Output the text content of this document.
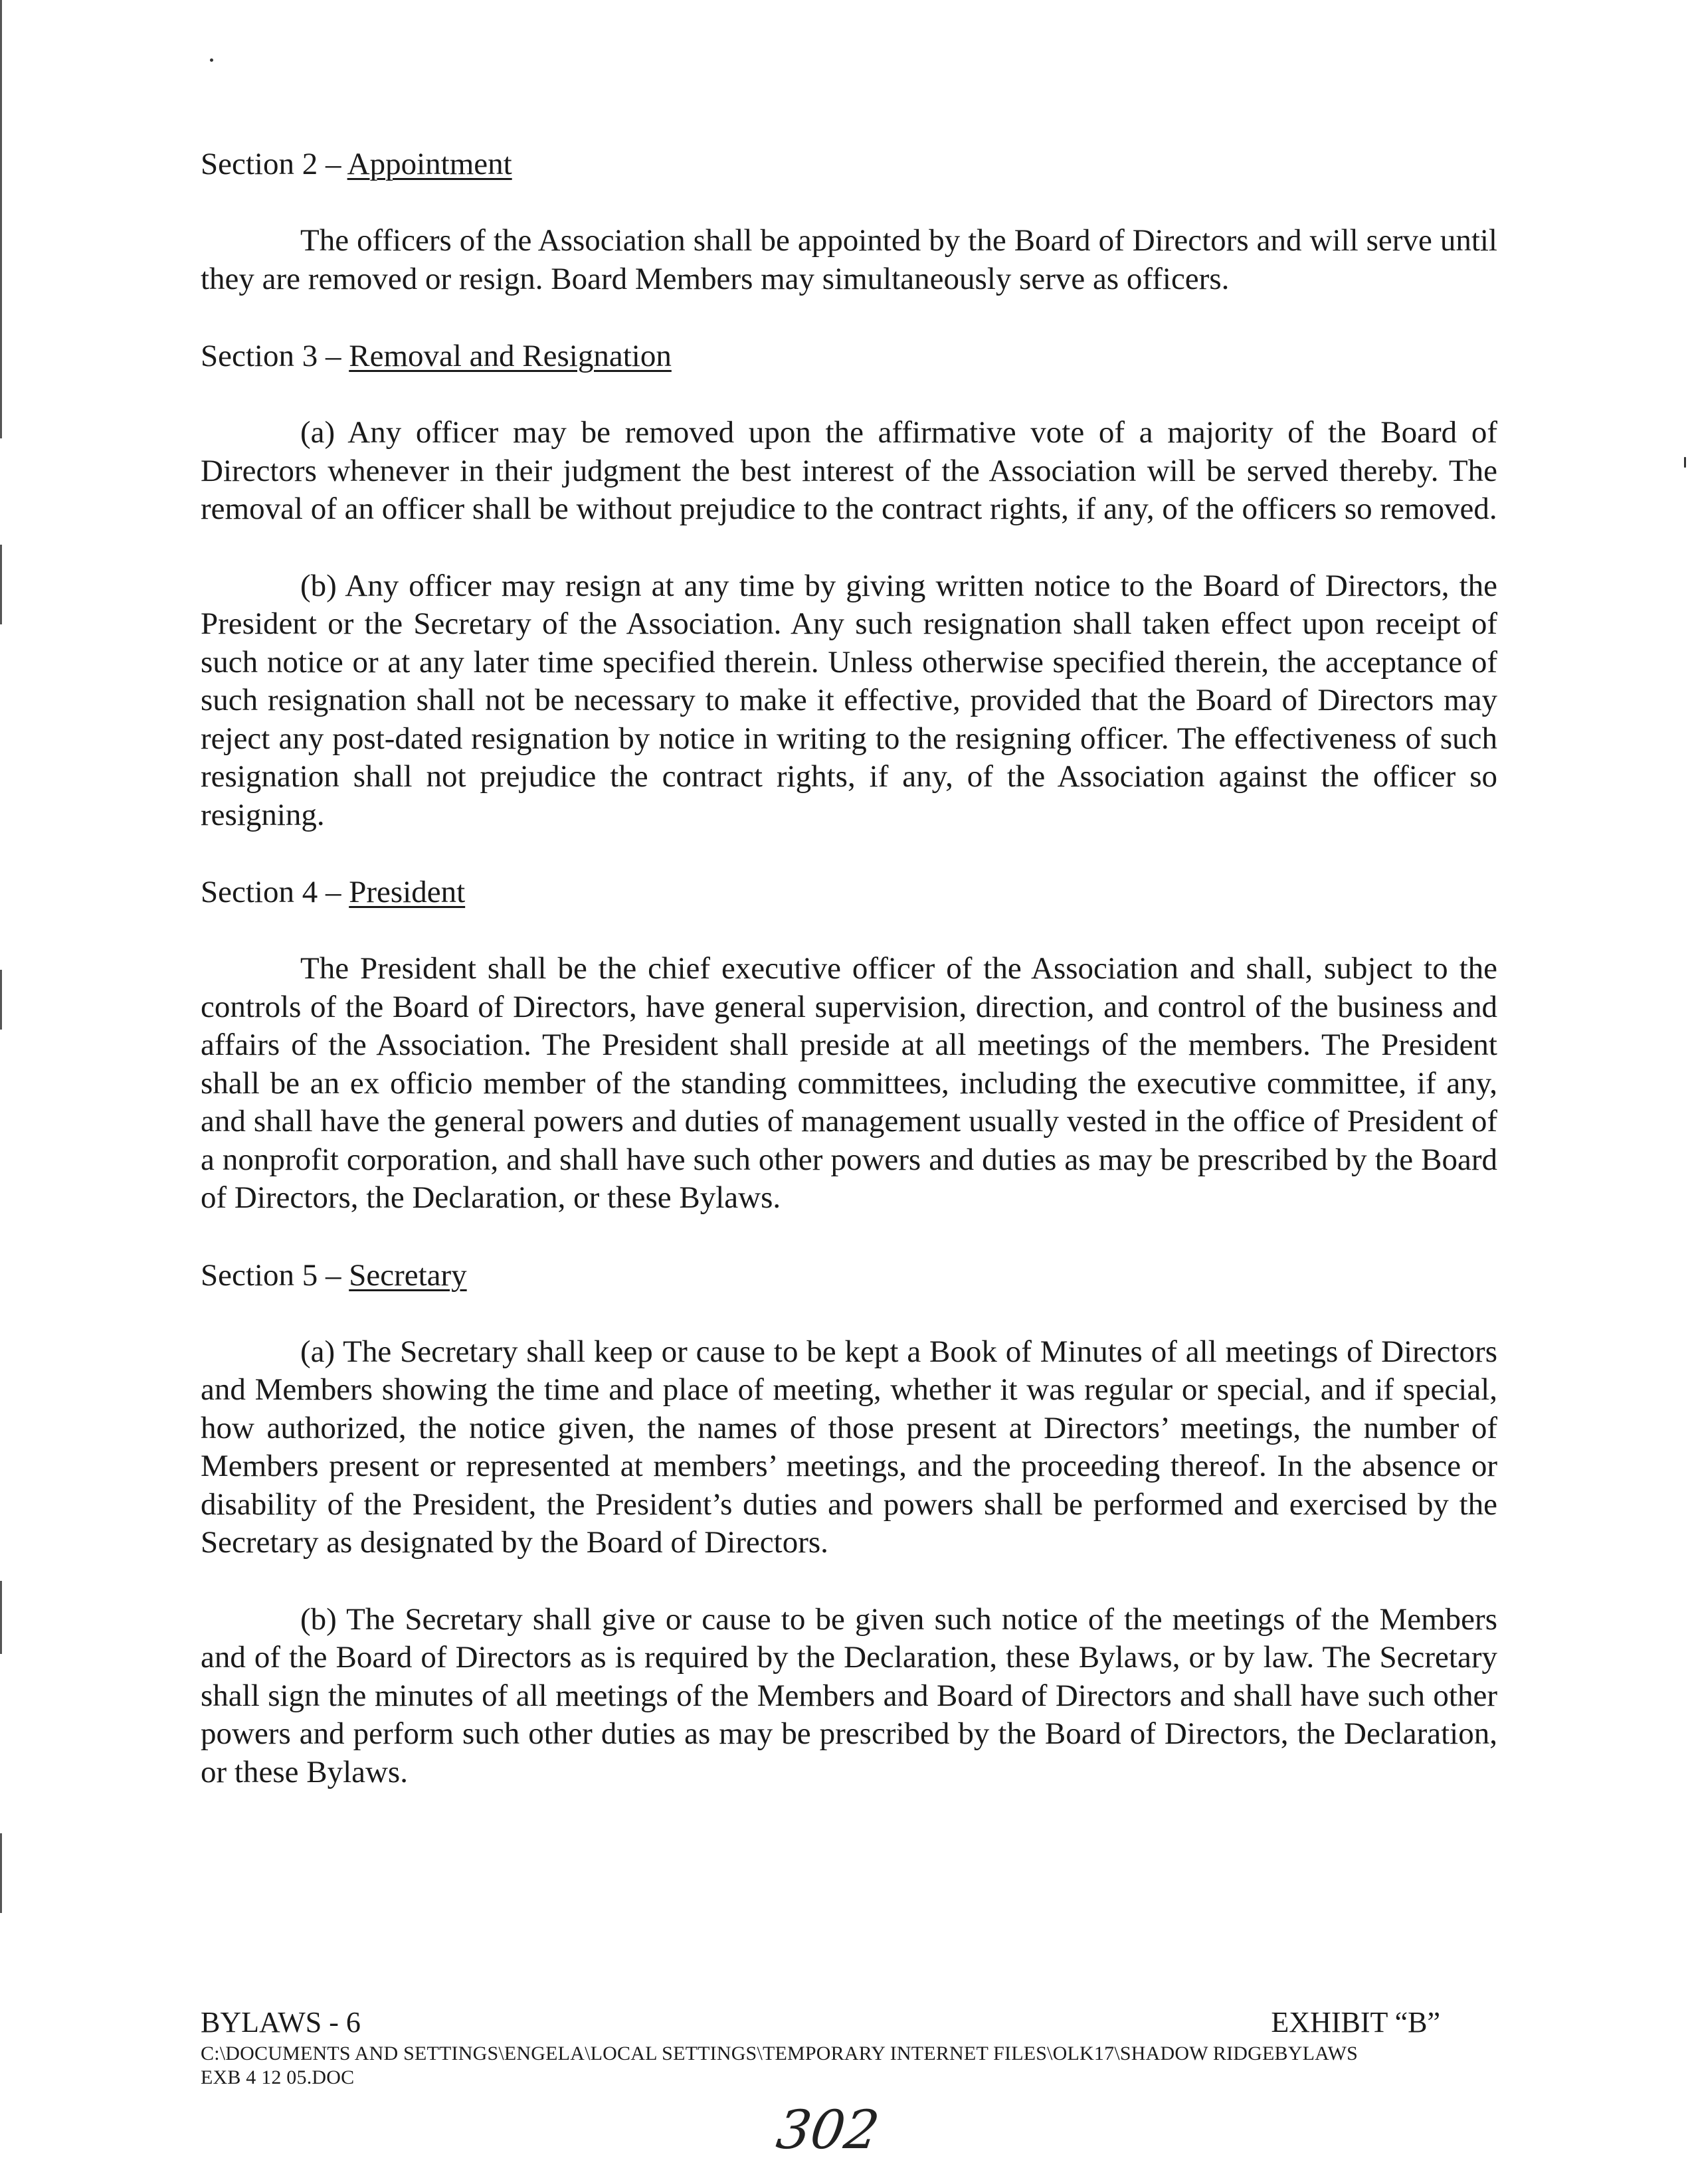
Section 2 – Appointment

The officers of the Association shall be appointed by the Board of Directors and will serve until they are removed or resign. Board Members may simultaneously serve as officers.

Section 3 – Removal and Resignation

(a) Any officer may be removed upon the affirmative vote of a majority of the Board of Directors whenever in their judgment the best interest of the Association will be served thereby. The removal of an officer shall be without prejudice to the contract rights, if any, of the officers so removed.

(b) Any officer may resign at any time by giving written notice to the Board of Directors, the President or the Secretary of the Association. Any such resignation shall taken effect upon receipt of such notice or at any later time specified therein. Unless otherwise specified therein, the acceptance of such resignation shall not be necessary to make it effective, provided that the Board of Directors may reject any post-dated resignation by notice in writing to the resigning officer. The effectiveness of such resignation shall not prejudice the contract rights, if any, of the Association against the officer so resigning.

Section 4 – President

The President shall be the chief executive officer of the Association and shall, subject to the controls of the Board of Directors, have general supervision, direction, and control of the business and affairs of the Association. The President shall preside at all meetings of the members. The President shall be an ex officio member of the standing committees, including the executive committee, if any, and shall have the general powers and duties of management usually vested in the office of President of a nonprofit corporation, and shall have such other powers and duties as may be prescribed by the Board of Directors, the Declaration, or these Bylaws.

Section 5 – Secretary

(a) The Secretary shall keep or cause to be kept a Book of Minutes of all meetings of Directors and Members showing the time and place of meeting, whether it was regular or special, and if special, how authorized, the notice given, the names of those present at Directors’ meetings, the number of Members present or represented at members’ meetings, and the proceeding thereof. In the absence or disability of the President, the President’s duties and powers shall be performed and exercised by the Secretary as designated by the Board of Directors.

(b) The Secretary shall give or cause to be given such notice of the meetings of the Members and of the Board of Directors as is required by the Declaration, these Bylaws, or by law. The Secretary shall sign the minutes of all meetings of the Members and Board of Directors and shall have such other powers and perform such other duties as may be prescribed by the Board of Directors, the Declaration, or these Bylaws.

BYLAWS - 6	EXHIBIT “B”
C:\DOCUMENTS AND SETTINGS\ENGELA\LOCAL SETTINGS\TEMPORARY INTERNET FILES\OLK17\SHADOW RIDGEBYLAWS
EXB 4 12 05.DOC
302
